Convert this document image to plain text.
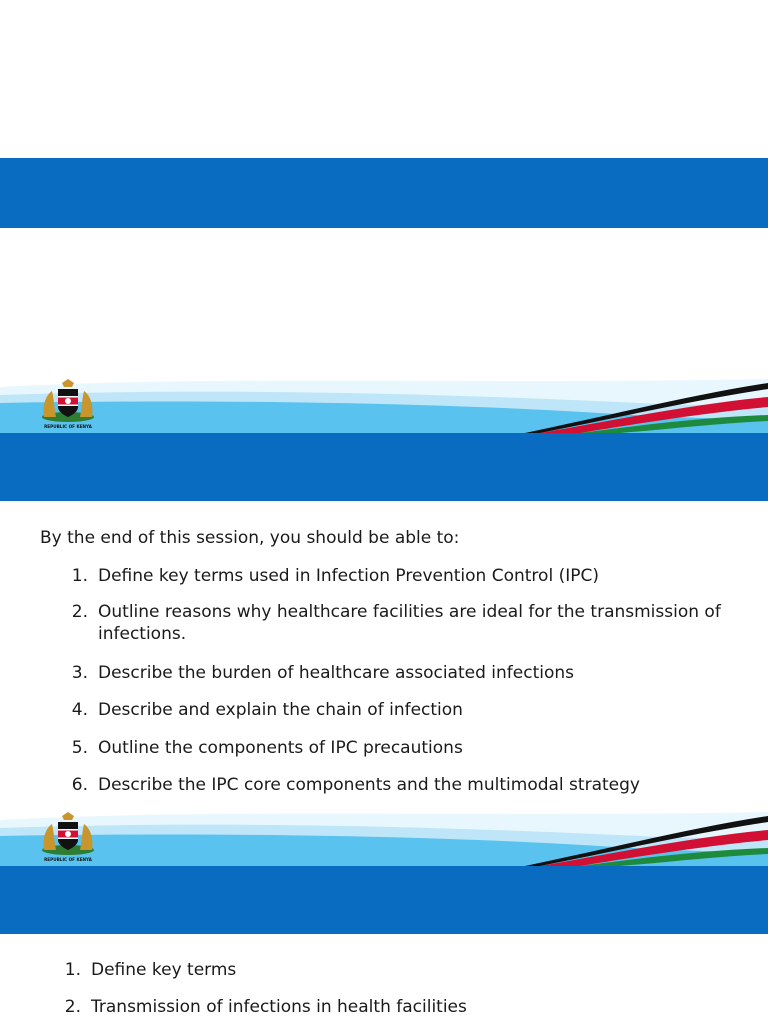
REPUBLIC OF KENYA
By the end of this session, you should be able to:
1. Define key terms used in Infection Prevention Control (IPC)
2. Outline reasons why healthcare facilities are ideal for the transmission of infections.
3. Describe the burden of healthcare associated infections
4. Describe and explain the chain of infection
5. Outline the components of IPC precautions
6. Describe the IPC core components and the multimodal strategy
REPUBLIC OF KENYA
1. Define key terms
2. Transmission of infections in health facilities
